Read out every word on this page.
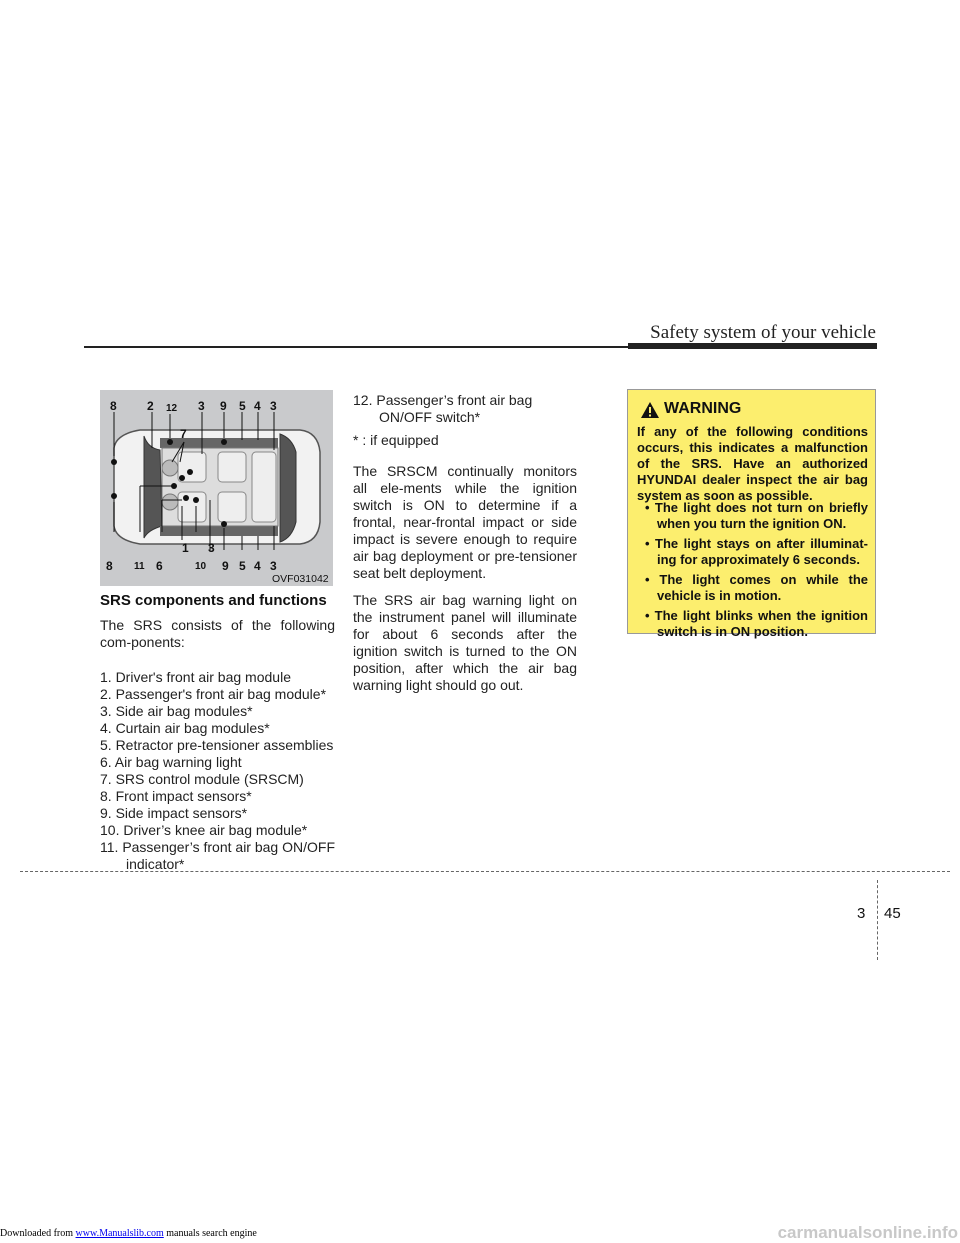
Safety system of your vehicle
8	2 12 3 9 5 4 3
7
1 3
8 11 6	10 9 5 4 3
OVF031042
SRS components and functions
The SRS consists of the following com-ponents:
1. Driver's front air bag module
2. Passenger's front air bag module*
3. Side air bag modules*
4. Curtain air bag modules*
5. Retractor pre-tensioner assemblies
6. Air bag warning light
7. SRS control module (SRSCM)
8. Front impact sensors*
9. Side impact sensors*
10. Driver’s knee air bag module*
11. Passenger’s front air bag ON/OFF indicator*

12. Passenger’s front air bag ON/OFF switch*

* : if equipped

The SRSCM continually monitors all ele-ments while the ignition switch is ON to determine if a frontal, near-frontal impact or side impact is severe enough to require air bag deployment or pre-tensioner seat belt deployment.

The SRS air bag warning light on the instrument panel will illuminate for about 6 seconds after the ignition switch is turned to the ON position, after which the air bag warning light should go out.

WARNING

If any of the following conditions occurs, this indicates a malfunction of the SRS. Have an authorized HYUNDAI dealer inspect the air bag system as soon as possible.

• The light does not turn on briefly when you turn the ignition ON.
• The light stays on after illuminat-ing for approximately 6 seconds.
• The light comes on while the vehicle is in motion.
• The light blinks when the ignition switch is in ON position.
3 45
Downloaded from www.Manualslib.com manuals search engine	carmanualsonline.info
